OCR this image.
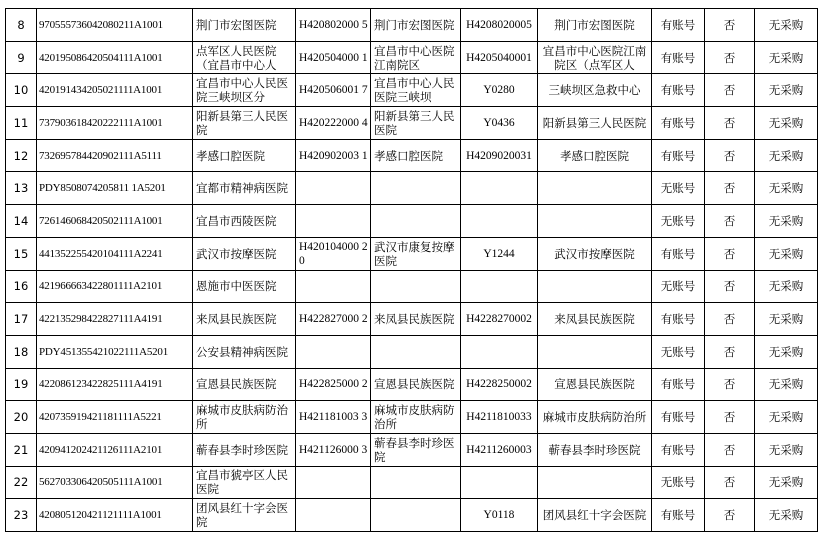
8	970555736042080211A1001	荆门市宏图医院	H420802000 5	荆门市宏图医院	H4208020005	荆门市宏图医院	有账号	否	无采购

9	420195086420504111A1001	点军区人民医院（宜昌市中心人	H420504000 1	宜昌市中心医院江南院区	H4205040001	宜昌市中心医院江南院区（点军区人	有账号	否	无采购

10	420191434205021111A1001	宜昌市中心人民医院三峡坝区分	H420506001 7	宜昌市中心人民医院三峡坝	Y0280	三峡坝区急救中心	有账号	否	无采购

11	737903618420222111A1001	阳新县第三人民医院	H420222000 4	阳新县第三人民医院	Y0436	阳新县第三人民医院	有账号	否	无采购

12	732695784420902111A5111	孝感口腔医院	H420902003 1	孝感口腔医院	H4209020031	孝感口腔医院	有账号	否	无采购

13	PDY8508074205811 1A5201	宜都市精神病医院					无账号	否	无采购

14	726146068420502111A1001	宜昌市西陵医院					无账号	否	无采购

15	441352255420104111A2241	武汉市按摩医院	H420104000 20	武汉市康复按摩医院	Y1244	武汉市按摩医院	有账号	否	无采购

16	421966663422801111A2101	恩施市中医医院					无账号	否	无采购

17	422135298422827111A4191	来凤县民族医院	H422827000 2	来凤县民族医院	H4228270002	来凤县民族医院	有账号	否	无采购

18	PDY451355421022111A5201	公安县精神病医院					无账号	否	无采购

19	422086123422825111A4191	宣恩县民族医院	H422825000 2	宣恩县民族医院	H4228250002	宣恩县民族医院	有账号	否	无采购

20	420735919421181111A5221	麻城市皮肤病防治所	H421181003 3	麻城市皮肤病防治所	H4211810033	麻城市皮肤病防治所	有账号	否	无采购

21	420941202421126111A2101	蕲春县李时珍医院	H421126000 3	蕲春县李时珍医院	H4211260003	蕲春县李时珍医院	有账号	否	无采购

22	562703306420505111A1001	宜昌市猇亭区人民医院					无账号	否	无采购

23	420805120421121111A1001	团风县红十字会医院			Y0118	团风县红十字会医院	有账号	否	无采购
